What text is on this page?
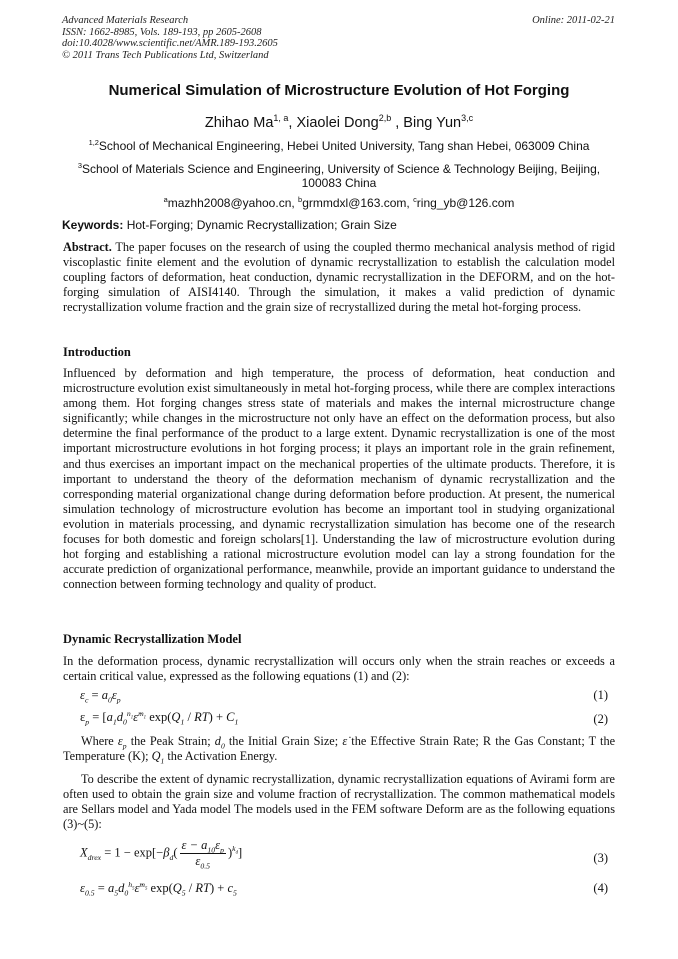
Advanced Materials Research
ISSN: 1662-8985, Vols. 189-193, pp 2605-2608
doi:10.4028/www.scientific.net/AMR.189-193.2605
© 2011 Trans Tech Publications Ltd, Switzerland
Online: 2011-02-21
Numerical Simulation of Microstructure Evolution of Hot Forging
Zhihao Ma$^{1, a}$, Xiaolei Dong$^{2,b}$ , Bing Yun$^{3,c}$
$^{1,2}$School of Mechanical Engineering, Hebei United University, Tang shan Hebei, 063009 China
$^3$School of Materials Science and Engineering, University of Science & Technology Beijing, Beijing, 100083 China
$^a$mazhh2008@yahoo.cn, $^b$grmmdxl@163.com, $^c$ring_yb@126.com
Keywords: Hot-Forging; Dynamic Recrystallization; Grain Size
Abstract. The paper focuses on the research of using the coupled thermo mechanical analysis method of rigid viscoplastic finite element and the evolution of dynamic recrystallization to establish the calculation model coupling factors of deformation, heat conduction, dynamic recrystallization in the DEFORM, and on the hot-forging simulation of AISI4140. Through the simulation, it makes a valid prediction of dynamic recrystallization volume fraction and the grain size of recrystallized during the metal hot-forging process.
Introduction
Influenced by deformation and high temperature, the process of deformation, heat conduction and microstructure evolution exist simultaneously in metal hot-forging process, while there are complex interactions among them. Hot forging changes stress state of materials and makes the internal microstructure change significantly; while changes in the microstructure not only have an effect on the deformation process, but also determine the final performance of the product to a large extent. Dynamic recrystallization is one of the most important microstructure evolutions in hot forging process; it plays an important role in the grain refinement, and thus exercises an important impact on the mechanical properties of the ultimate products. Therefore, it is important to understand the theory of the deformation mechanism of dynamic recrystallization and the corresponding material organizational change during deformation before production. At present, the numerical simulation technology of microstructure evolution has become an important tool in studying organizational evolution in materials processing, and dynamic recrystallization simulation has become one of the research focuses for both domestic and foreign scholars[1]. Understanding the law of microstructure evolution during hot forging and establishing a rational microstructure evolution model can lay a strong foundation for the accurate prediction of organizational performance, meanwhile, provide an important guidance to understand the connection between forming technology and quality of product.
Dynamic Recrystallization Model
In the deformation process, dynamic recrystallization will occurs only when the strain reaches or exceeds a certain critical value, expressed as the following equations (1) and (2):
$\varepsilon_c = a_0\varepsilon_p$	(1)
$\varepsilon_p$ = [$a_1d_0^{n_1}\varepsiloṅ^{m_1}$ $\exp(Q_1 / RT) + C_1$	(2)
Where $\varepsilon_p$ the Peak Strain; $d_0$ the Initial Grain Size; ε̇ the Effective Strain Rate; R the Gas Constant; T the Temperature (K); $Q_1$ the Activation Energy.
To describe the extent of dynamic recrystallization, dynamic recrystallization equations of Avirami form are often used to obtain the grain size and volume fraction of recrystallization. The common mathematical models are Sellars model and Yada model The models used in the FEM software Deform are as the following equations (3)~(5):
$X_{drex} = 1 - \exp[-\beta_d( \frac{\varepsilon - a_{10}\varepsilon_p}{\varepsilon_{0.5}} )^{k_d}]$	(3)
$\varepsilon_{0.5}$ = $a_5d_0^{h_5}\varepsiloṅ^{m_5}$ $\exp(Q_5 / RT) + c_5$	(4)
